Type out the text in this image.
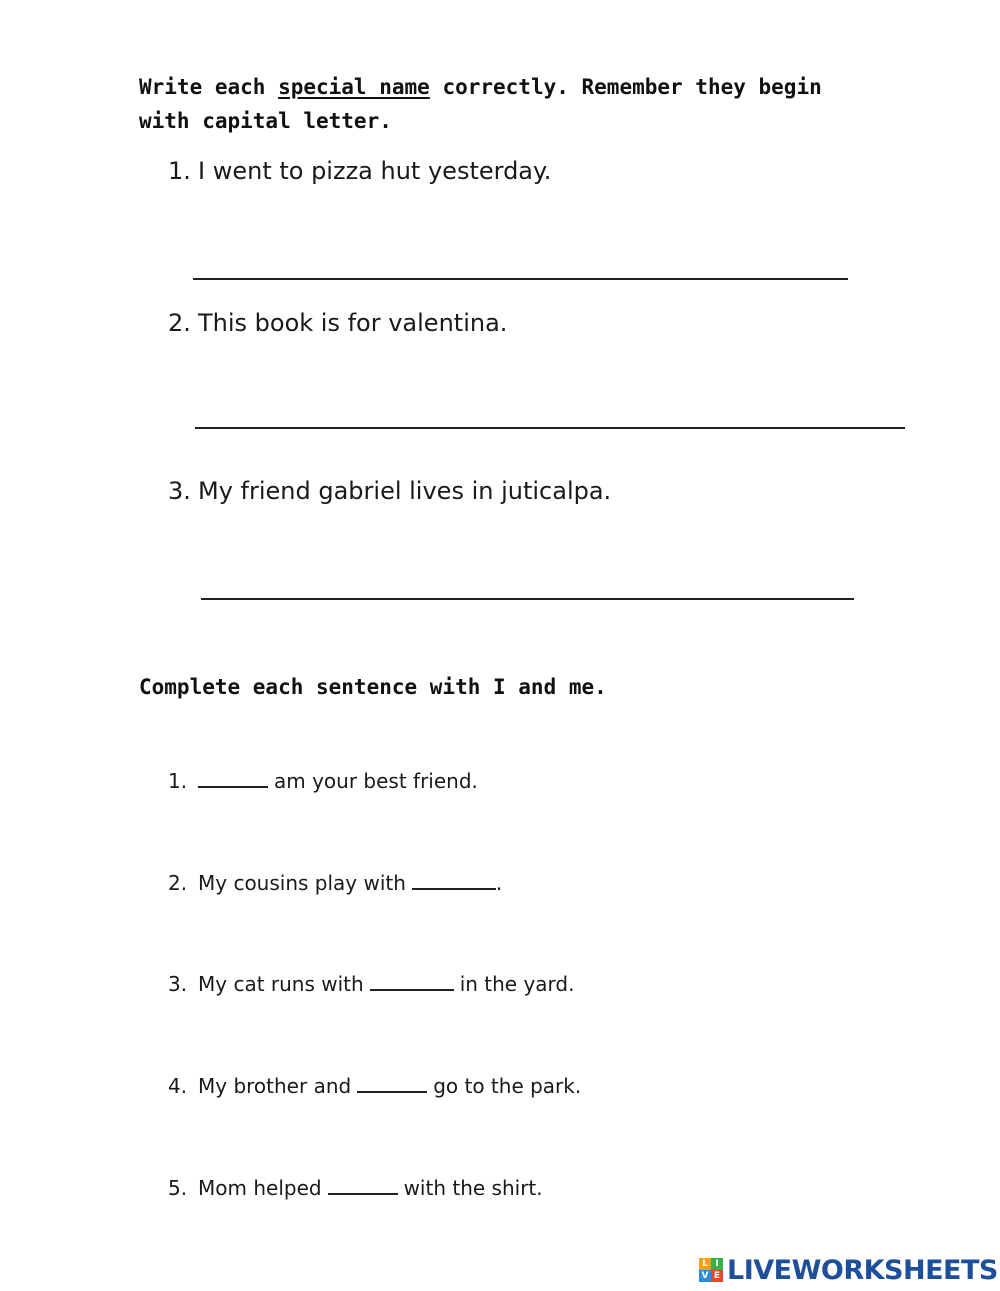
Write each special name correctly. Remember they begin with capital letter.

1. I went to pizza hut yesterday.

2. This book is for valentina.

3. My friend gabriel lives in juticalpa.

Complete each sentence with I and me.

1.	am your best friend.

2. My cousins play with	.

3. My cat runs with	in the yard.

4. My brother and	go to the park.

5. Mom helped	with the shirt.

L I
V E LIVEWORKSHEETS
